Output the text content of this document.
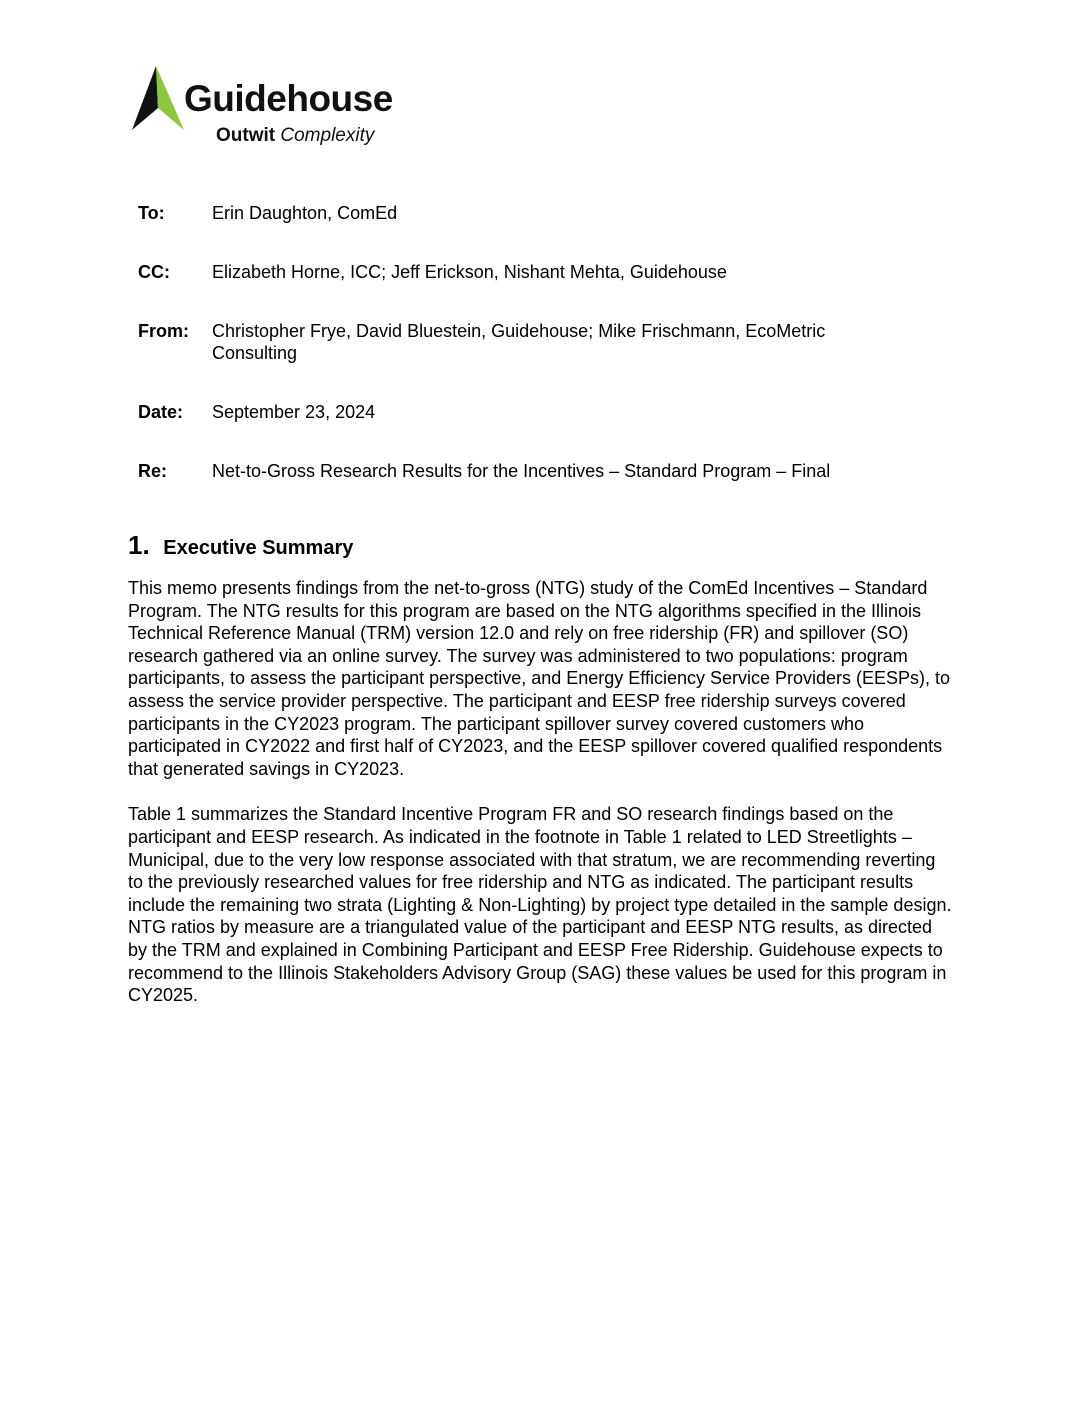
Guidehouse
Outwit Complexity
To:	Erin Daughton, ComEd
CC: Elizabeth Horne, ICC; Jeff Erickson, Nishant Mehta, Guidehouse
From: Christopher Frye, David Bluestein, Guidehouse; Mike Frischmann, EcoMetric Consulting
Date: September 23, 2024
Re: Net-to-Gross Research Results for the Incentives – Standard Program – Final
1. Executive Summary

This memo presents findings from the net-to-gross (NTG) study of the ComEd Incentives – Standard Program. The NTG results for this program are based on the NTG algorithms specified in the Illinois Technical Reference Manual (TRM) version 12.0 and rely on free ridership (FR) and spillover (SO) research gathered via an online survey. The survey was administered to two populations: program participants, to assess the participant perspective, and Energy Efficiency Service Providers (EESPs), to assess the service provider perspective. The participant and EESP free ridership surveys covered participants in the CY2023 program. The participant spillover survey covered customers who participated in CY2022 and first half of CY2023, and the EESP spillover covered qualified respondents that generated savings in CY2023.

Table 1 summarizes the Standard Incentive Program FR and SO research findings based on the participant and EESP research. As indicated in the footnote in Table 1 related to LED Streetlights – Municipal, due to the very low response associated with that stratum, we are recommending reverting to the previously researched values for free ridership and NTG as indicated. The participant results include the remaining two strata (Lighting & Non-Lighting) by project type detailed in the sample design. NTG ratios by measure are a triangulated value of the participant and EESP NTG results, as directed by the TRM and explained in Combining Participant and EESP Free Ridership. Guidehouse expects to recommend to the Illinois Stakeholders Advisory Group (SAG) these values be used for this program in CY2025.
